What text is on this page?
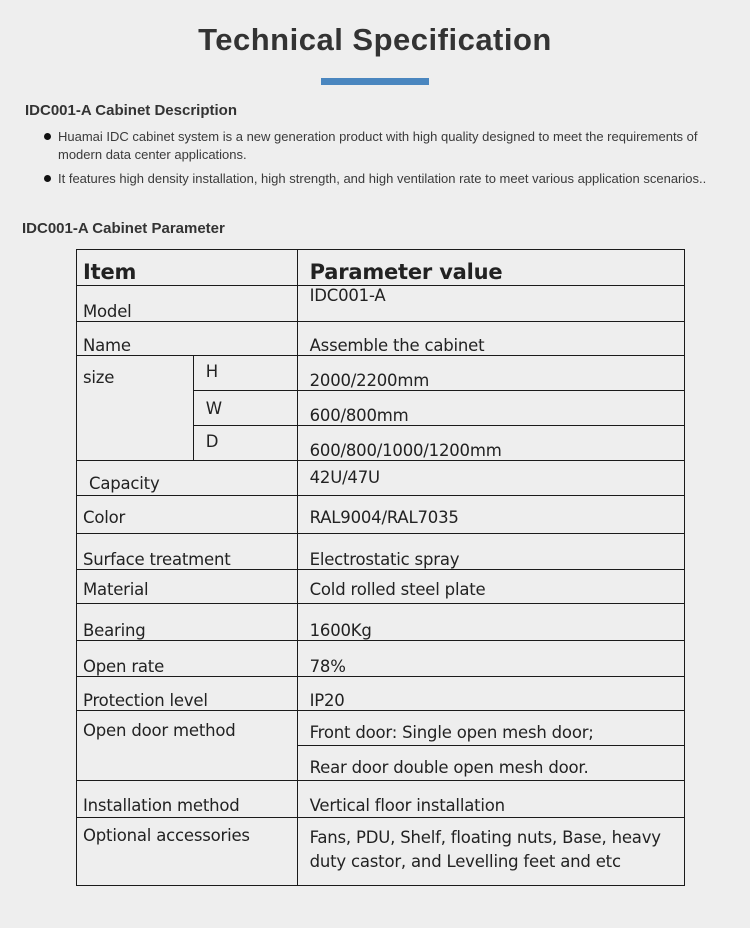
Technical Specification
IDC001-A Cabinet Description
Huamai IDC cabinet system is a new generation product with high quality designed to meet the requirements of modern data center applications.
It features high density installation, high strength, and high ventilation rate to meet various application scenarios..
IDC001-A Cabinet Parameter
Item		Parameter value
Model		IDC001-A
Name		Assemble the cabinet
size	H	2000/2200mm
	W	600/800mm
	D	600/800/1000/1200mm
Capacity		42U/47U
Color		RAL9004/RAL7035
Surface treatment		Electrostatic spray
Material		Cold rolled steel plate
Bearing		1600Kg
Open rate		78%
Protection level		IP20
Open door method		Front door: Single open mesh door;
		Rear door double open mesh door.
Installation method		Vertical floor installation
Optional accessories		Fans, PDU, Shelf, floating nuts, Base, heavy duty castor, and Levelling feet and etc
